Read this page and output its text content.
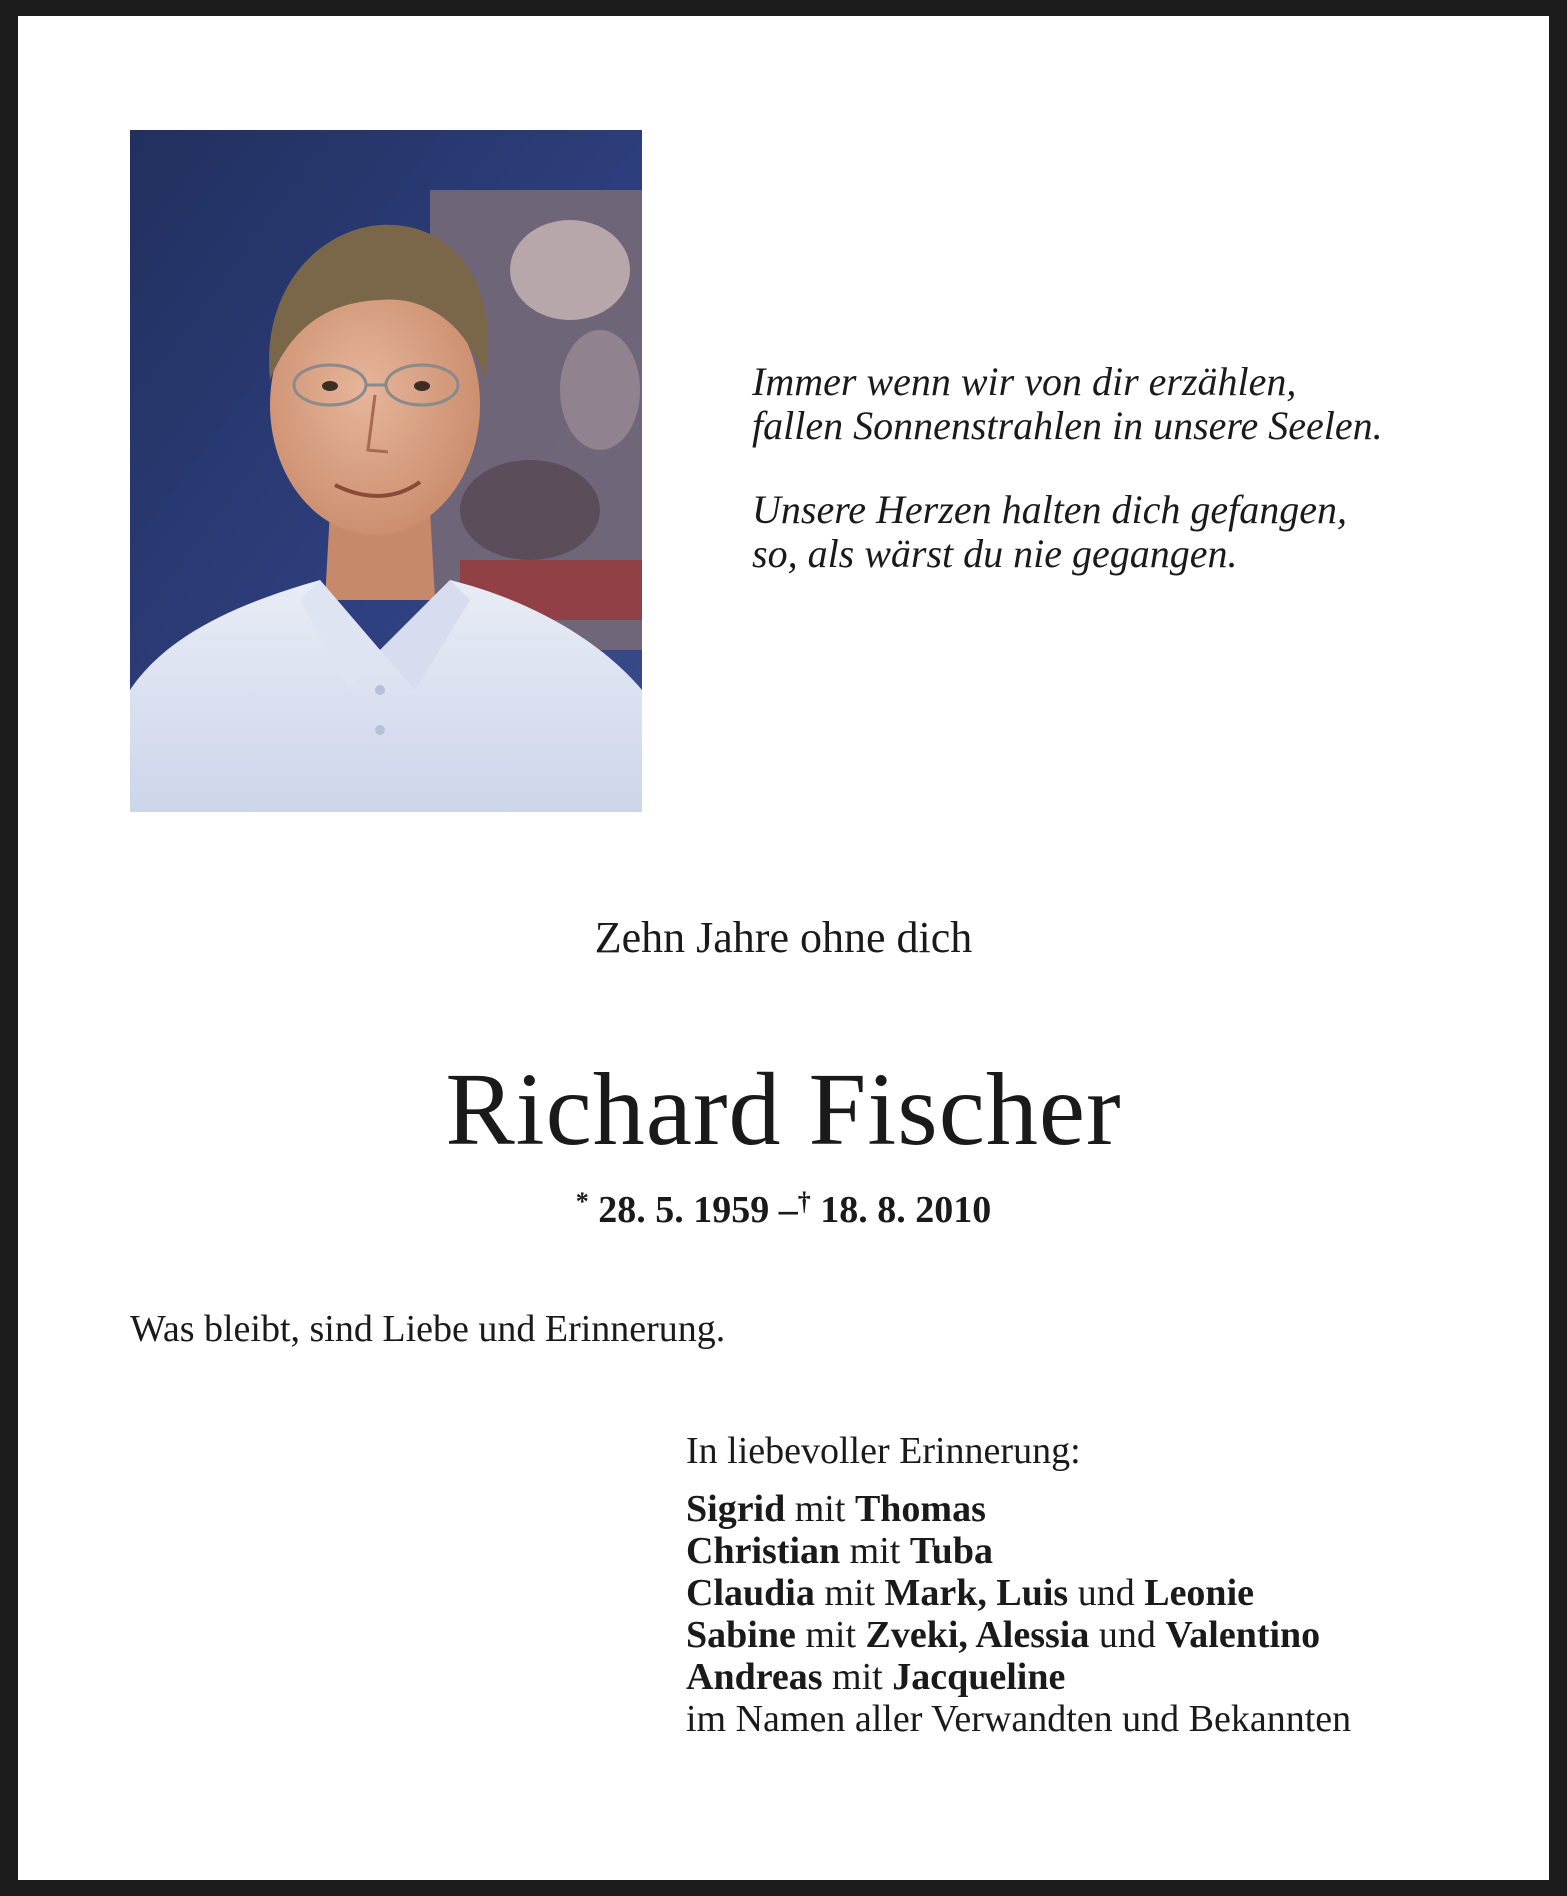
Immer wenn wir von dir erzählen,
fallen Sonnenstrahlen in unsere Seelen.
Unsere Herzen halten dich gefangen,
so, als wärst du nie gegangen.
Zehn Jahre ohne dich
Richard Fischer
* 28. 5. 1959 –† 18. 8. 2010
Was bleibt, sind Liebe und Erinnerung.
In liebevoller Erinnerung:
Sigrid mit Thomas
Christian mit Tuba
Claudia mit Mark, Luis und Leonie
Sabine mit Zveki, Alessia und Valentino
Andreas mit Jacqueline
im Namen aller Verwandten und Bekannten
